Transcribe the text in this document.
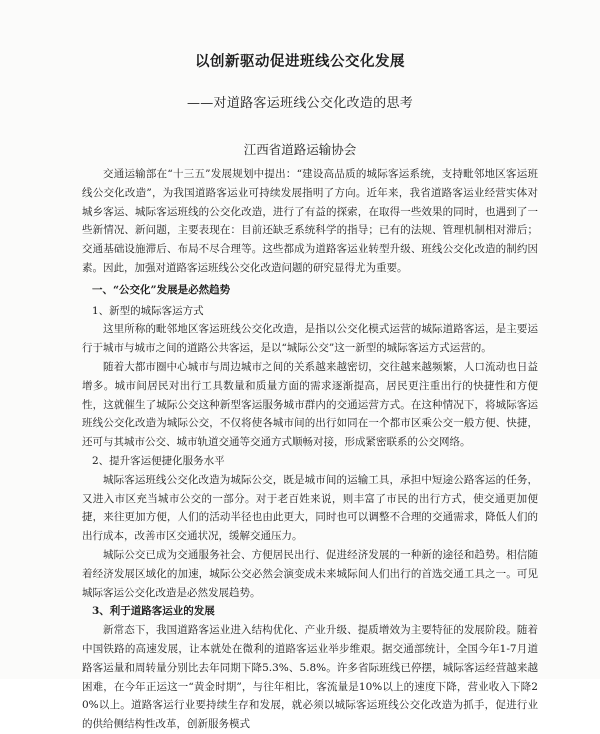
以创新驱动促进班线公交化发展
——对道路客运班线公交化改造的思考
江西省道路运输协会

交通运输部在“十三五”发展规划中提出：“建设高品质的城际客运系统，支持毗邻地区客运班线公交化改造”，为我国道路客运业可持续发展指明了方向。近年来，我省道路客运业经营实体对城乡客运、城际客运班线的公交化改造，进行了有益的探索，在取得一些效果的同时，也遇到了一些新情况、新问题，主要表现在：目前还缺乏系统科学的指导；已有的法规、管理机制相对滞后；交通基础设施滞后、布局不尽合理等。这些都成为道路客运业转型升级、班线公交化改造的制约因素。因此，加强对道路客运班线公交化改造问题的研究显得尤为重要。

一、“公交化”发展是必然趋势
1、新型的城际客运方式

这里所称的毗邻地区客运班线公交化改造，是指以公交化模式运营的城际道路客运，是主要运行于城市与城市之间的道路公共客运，是以“城际公交”这一新型的城际客运方式运营的。

随着大都市圈中心城市与周边城市之间的关系越来越密切，交往越来越频繁，人口流动也日益增多。城市间居民对出行工具数量和质量方面的需求逐渐提高，居民更注重出行的快捷性和方便性，这就催生了城际公交这种新型客运服务城市群内的交通运营方式。在这种情况下，将城际客运班线公交化改造为城际公交，不仅将使各城市间的出行如同在一个都市区乘公交一般方便、快捷，还可与其城市公交、城市轨道交通等交通方式顺畅对接，形成紧密联系的公交网络。

2、提升客运便捷化服务水平

城际客运班线公交化改造为城际公交，既是城市间的运输工具，承担中短途公路客运的任务，又进入市区充当城市公交的一部分。对于老百姓来说，则丰富了市民的出行方式，使交通更加便捷，来往更加方便，人们的活动半径也由此更大，同时也可以调整不合理的交通需求，降低人们的出行成本，改善市区交通状况，缓解交通压力。

城际公交已成为交通服务社会、方便居民出行、促进经济发展的一种新的途径和趋势。相信随着经济发展区域化的加速，城际公交必然会演变成未来城际间人们出行的首选交通工具之一。可见城际客运公交化改造是必然发展趋势。

3、利于道路客运业的发展

新常态下，我国道路客运业进入结构优化、产业升级、提质增效为主要特征的发展阶段。随着中国铁路的高速发展，让本就处在微利的道路客运业举步维艰。据交通部统计，全国今年1-7月道路客运量和周转量分别比去年同期下降5.3%、5.8%。许多省际班线已停摆，城际客运经营越来越困难，在今年正运这一“黄金时期”，与往年相比，客流量是10%以上的速度下降，营业收入下降20%以上。道路客运行业要持续生存和发展，就必须以城际客运班线公交化改造为抓手，促进行业的供给侧结构性改革，创新服务模式
